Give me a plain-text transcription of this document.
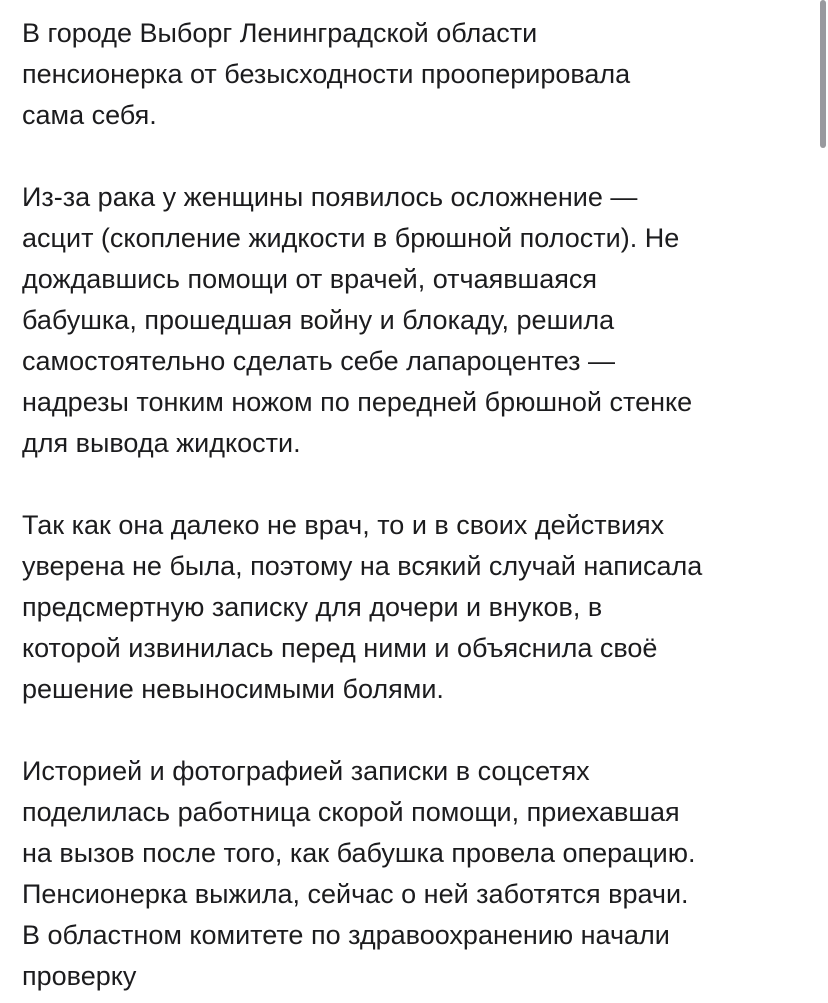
В городе Выборг Ленинградской области
пенсионерка от безысходности прооперировала
сама себя.

Из-за рака у женщины появилось осложнение —
асцит (скопление жидкости в брюшной полости). Не
дождавшись помощи от врачей, отчаявшаяся
бабушка, прошедшая войну и блокаду, решила
самостоятельно сделать себе лапароцентез —
надрезы тонким ножом по передней брюшной стенке
для вывода жидкости.

Так как она далеко не врач, то и в своих действиях
уверена не была, поэтому на всякий случай написала
предсмертную записку для дочери и внуков, в
которой извинилась перед ними и объяснила своё
решение невыносимыми болями.

Историей и фотографией записки в соцсетях
поделилась работница скорой помощи, приехавшая
на вызов после того, как бабушка провела операцию.
Пенсионерка выжила, сейчас о ней заботятся врачи.
В областном комитете по здравоохранению начали
проверку
